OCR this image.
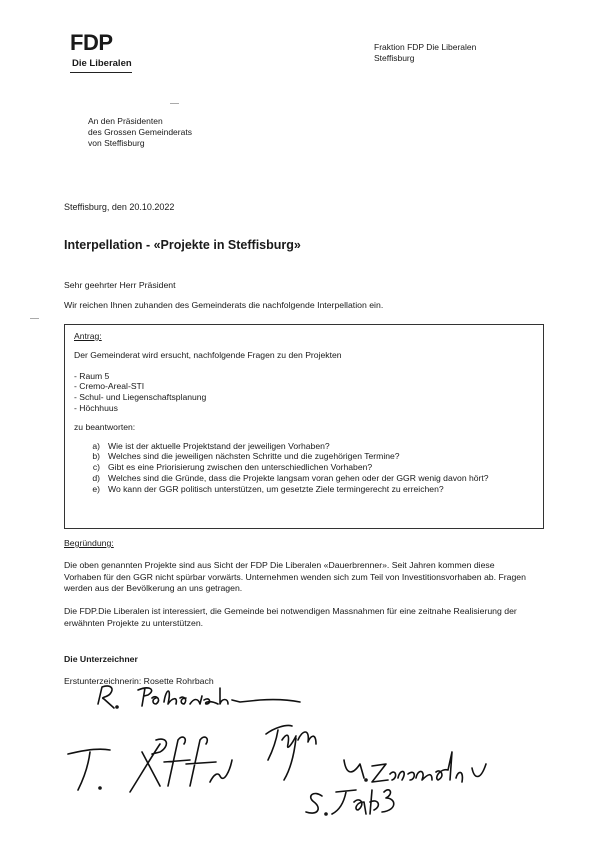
FDP
Die Liberalen
Fraktion FDP Die Liberalen
Steffisburg
An den Präsidenten
des Grossen Gemeinderats
von Steffisburg
Steffisburg, den 20.10.2022
Interpellation - «Projekte in Steffisburg»
Sehr geehrter Herr Präsident
Wir reichen Ihnen zuhanden des Gemeinderats die nachfolgende Interpellation ein.
Antrag:
Der Gemeinderat wird ersucht, nachfolgende Fragen zu den Projekten
- Raum 5
- Cremo-Areal-STI
- Schul- und Liegenschaftsplanung
- Höchhuus
zu beantworten:
a) Wie ist der aktuelle Projektstand der jeweiligen Vorhaben?
b) Welches sind die jeweiligen nächsten Schritte und die zugehörigen Termine?
c) Gibt es eine Priorisierung zwischen den unterschiedlichen Vorhaben?
d) Welches sind die Gründe, dass die Projekte langsam voran gehen oder der GGR wenig davon hört?
e) Wo kann der GGR politisch unterstützen, um gesetzte Ziele termingerecht zu erreichen?
Begründung:
Die oben genannten Projekte sind aus Sicht der FDP Die Liberalen «Dauerbrenner». Seit Jahren kommen diese Vorhaben für den GGR nicht spürbar vorwärts. Unternehmen wenden sich zum Teil von Investitionsvorhaben ab. Fragen werden aus der Bevölkerung an uns getragen.
Die FDP.Die Liberalen ist interessiert, die Gemeinde bei notwendigen Massnahmen für eine zeitnahe Realisierung der erwähnten Projekte zu unterstützen.
Die Unterzeichner
Erstunterzeichnerin: Rosette Rohrbach
